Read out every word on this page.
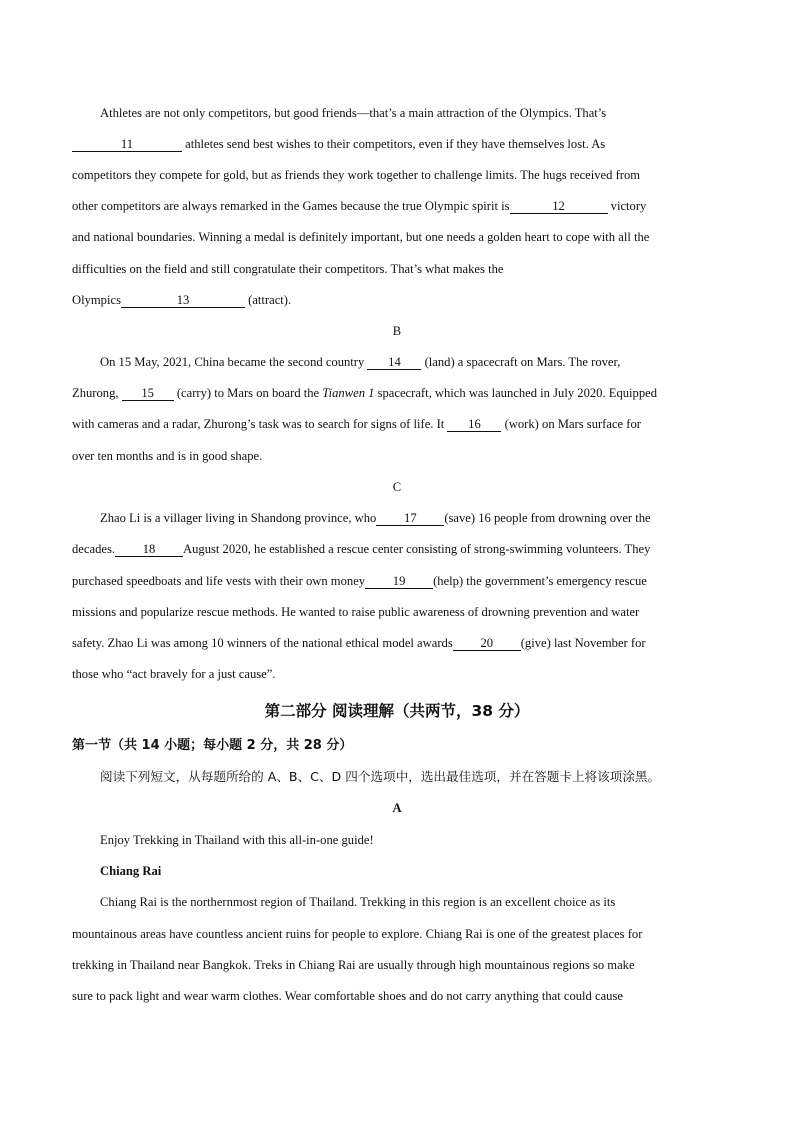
Athletes are not only competitors, but good friends—that’s a main attraction of the Olympics. That’s
11	athletes send best wishes to their competitors, even if they have themselves lost. As
competitors they compete for gold, but as friends they work together to challenge limits. The hugs received from
other competitors are always remarked in the Games because the true Olympic spirit is	12	victory
and national boundaries. Winning a medal is definitely important, but one needs a golden heart to cope with all the
difficulties on the field and still congratulate their competitors. That’s what makes the
Olympics	13	(attract).
B
On 15 May, 2021, China became the second country 14 (land) a spacecraft on Mars. The rover,
Zhurong, 15 (carry) to Mars on board the Tianwen 1 spacecraft, which was launched in July 2020. Equipped
with cameras and a radar, Zhurong’s task was to search for signs of life. It 16 (work) on Mars surface for
over ten months and is in good shape.
C
Zhao Li is a villager living in Shandong province, who 17 (save) 16 people from drowning over the
decades. 18 August 2020, he established a rescue center consisting of strong-swimming volunteers. They
purchased speedboats and life vests with their own money 19 (help) the government’s emergency rescue
missions and popularize rescue methods. He wanted to raise public awareness of drowning prevention and water
safety. Zhao Li was among 10 winners of the national ethical model awards 20 (give) last November for
those who “act bravely for a just cause”.
第二部分 阅读理解（共两节，38 分）
第一节（共 14 小题；每小题 2 分，共 28 分）
阅读下列短文，从每题所给的 A、B、C、D 四个选项中，选出最佳选项，并在答题卡上将该项涂黑。
A
Enjoy Trekking in Thailand with this all-in-one guide!
Chiang Rai
Chiang Rai is the northernmost region of Thailand. Trekking in this region is an excellent choice as its
mountainous areas have countless ancient ruins for people to explore. Chiang Rai is one of the greatest places for
trekking in Thailand near Bangkok. Treks in Chiang Rai are usually through high mountainous regions so make
sure to pack light and wear warm clothes. Wear comfortable shoes and do not carry anything that could cause
